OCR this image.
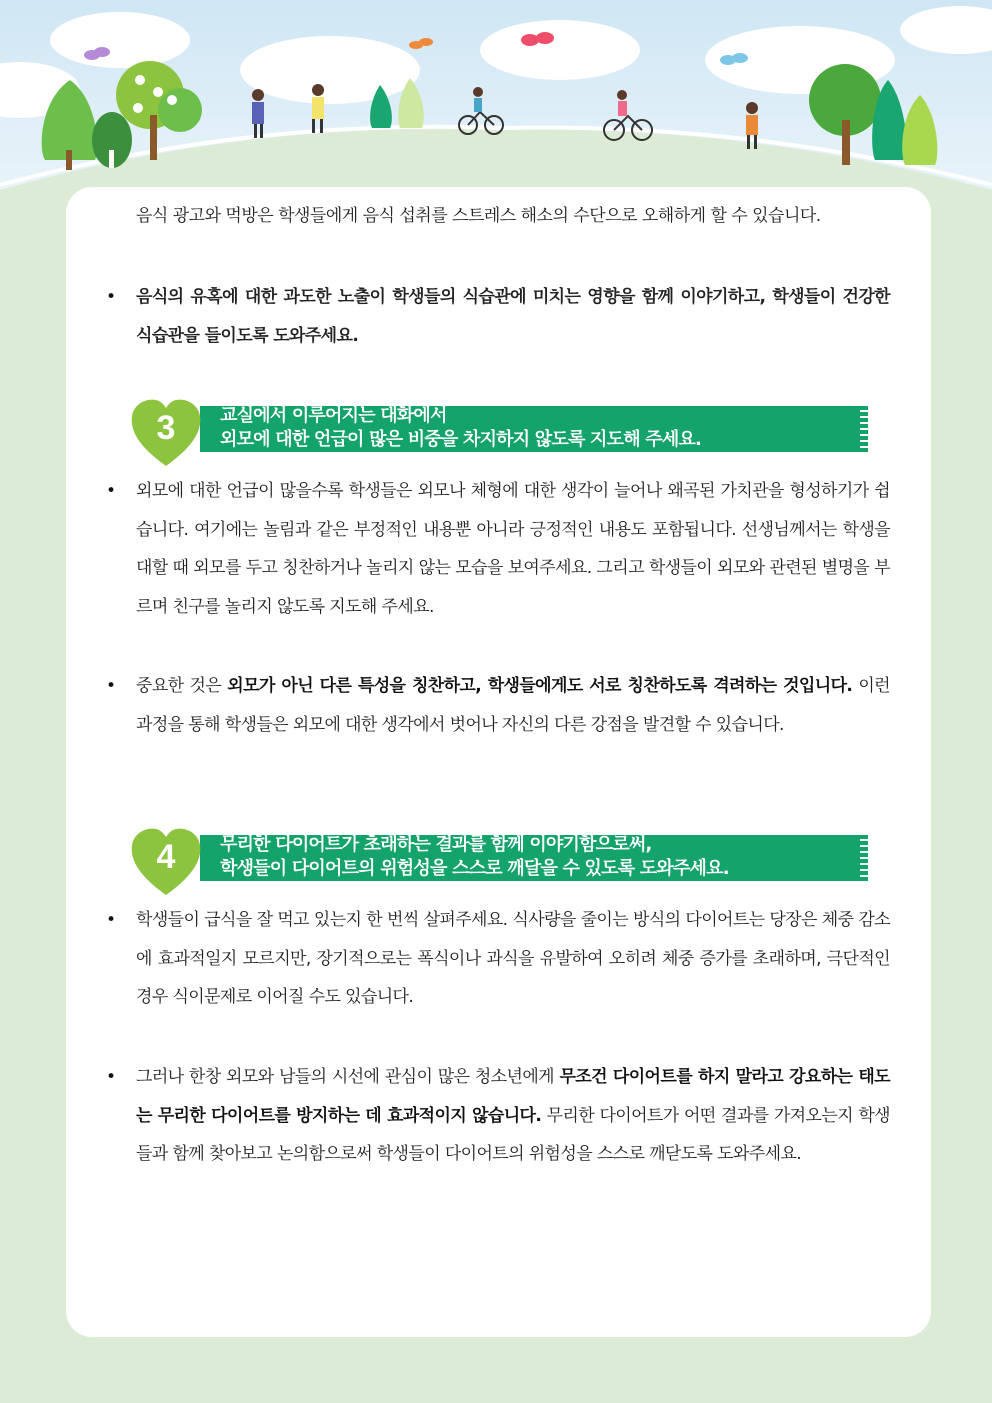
음식 광고와 먹방은 학생들에게 음식 섭취를 스트레스 해소의 수단으로 오해하게 할 수 있습니다.

• 음식의 유혹에 대한 과도한 노출이 학생들의 식습관에 미치는 영향을 함께 이야기하고, 학생들이 건강한 식습관을 들이도록 도와주세요.

3	교실에서 이루어지는 대화에서
외모에 대한 언급이 많은 비중을 차지하지 않도록 지도해 주세요.

• 외모에 대한 언급이 많을수록 학생들은 외모나 체형에 대한 생각이 늘어나 왜곡된 가치관을 형성하기가 쉽습니다. 여기에는 놀림과 같은 부정적인 내용뿐 아니라 긍정적인 내용도 포함됩니다. 선생님께서는 학생을 대할 때 외모를 두고 칭찬하거나 놀리지 않는 모습을 보여주세요. 그리고 학생들이 외모와 관련된 별명을 부르며 친구를 놀리지 않도록 지도해 주세요.

• 중요한 것은 외모가 아닌 다른 특성을 칭찬하고, 학생들에게도 서로 칭찬하도록 격려하는 것입니다. 이런 과정을 통해 학생들은 외모에 대한 생각에서 벗어나 자신의 다른 강점을 발견할 수 있습니다.

4	무리한 다이어트가 초래하는 결과를 함께 이야기함으로써,
학생들이 다이어트의 위험성을 스스로 깨달을 수 있도록 도와주세요.

• 학생들이 급식을 잘 먹고 있는지 한 번씩 살펴주세요. 식사량을 줄이는 방식의 다이어트는 당장은 체중 감소에 효과적일지 모르지만, 장기적으로는 폭식이나 과식을 유발하여 오히려 체중 증가를 초래하며, 극단적인 경우 식이문제로 이어질 수도 있습니다.

• 그러나 한창 외모와 남들의 시선에 관심이 많은 청소년에게 무조건 다이어트를 하지 말라고 강요하는 태도는 무리한 다이어트를 방지하는 데 효과적이지 않습니다. 무리한 다이어트가 어떤 결과를 가져오는지 학생들과 함께 찾아보고 논의함으로써 학생들이 다이어트의 위험성을 스스로 깨닫도록 도와주세요.
